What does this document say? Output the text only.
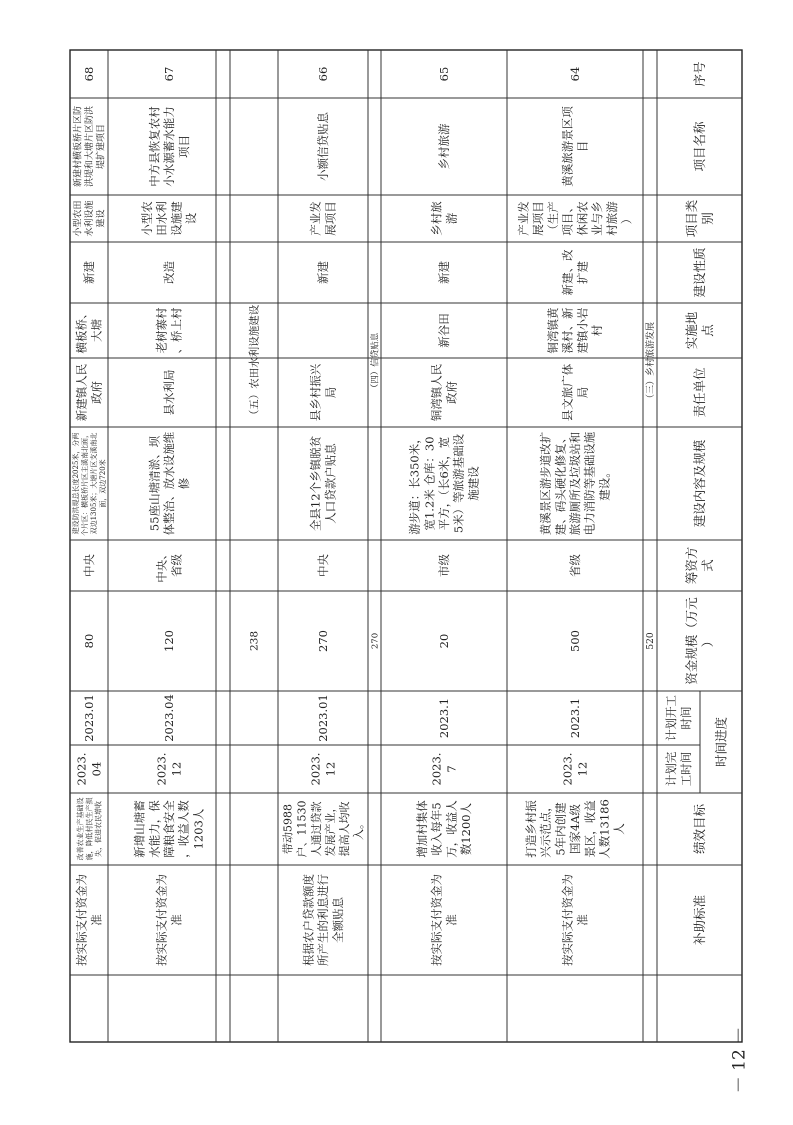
序号
项目名称
项目类别
建设性质
实施地点
责任单位
建设内容及规模
筹资方式
资金规模（万元）
时间进度
计划开工时间
计划完工时间
绩效目标
补助标准
（三）乡村旅游发展
520
64
黄溪旅游景区项目
产业发展项目（生产项目、休闲农业与乡村旅游）
新建、改扩建
铜湾镇黄溪村、新建镇小岩村
县文旅广体局
黄溪景区游步道改扩建、码头硬化修复、旅游厕所及垃圾站和电力消防等基础设施建设。
省级
500
2023.1
2023.12
打造乡村振兴示范点，5年内创建国家4A级景区，收益人数13186人
按实际支付资金为准
65
乡村旅游
乡村旅游
新建
新谷田
铜湾镇人民政府
游步道：长350米，宽1.2米 仓库：30平方，（长6米，宽5米）等旅游基础设施建设
市级
20
2023.1
2023.7
增加村集体收入每年5万，收益人数1200人
按实际支付资金为准
（四）信贷贴息
270
66
小额信贷贴息
产业发展项目
新建
县乡村振兴局
全县12个乡镇脱贫人口贷款户贴息
中央
270
2023.01
2023.12
带动5988户、11530人通过贷款发展产业，提高人均收入。
根据农户贷款额度所产生的利息进行全额贴息
（五）农田水利设施建设
238
67
中方县恢复农村小水源蓄水能力项目
小型农田水利设施建设
改造
老树寨村、桥上村
县水利局
55座山塘清淤、坝体整治、放水设施维修
中央、省级
120
2023.04
2023.12
新增山塘蓄水能力，保障粮食安全，收益人数1203人
按实际支付资金为准
68
新建村横板桥片区防 洪堤和大塘片区防洪 堤扩建项目
小型农田 水利设施 建设
新建
横板桥、大塘
新建镇人民政府
建设防洪堤总长度2025米，分两个片区：横板桥片区主溪南北面，双边1305米；大塘片区支溪南北面，双边720米
中央
80
2023.01
2023.04
改善农业生产基础设施，降低村民生产损失，促进农民增收
按实际支付资金为准
－ 12 －
